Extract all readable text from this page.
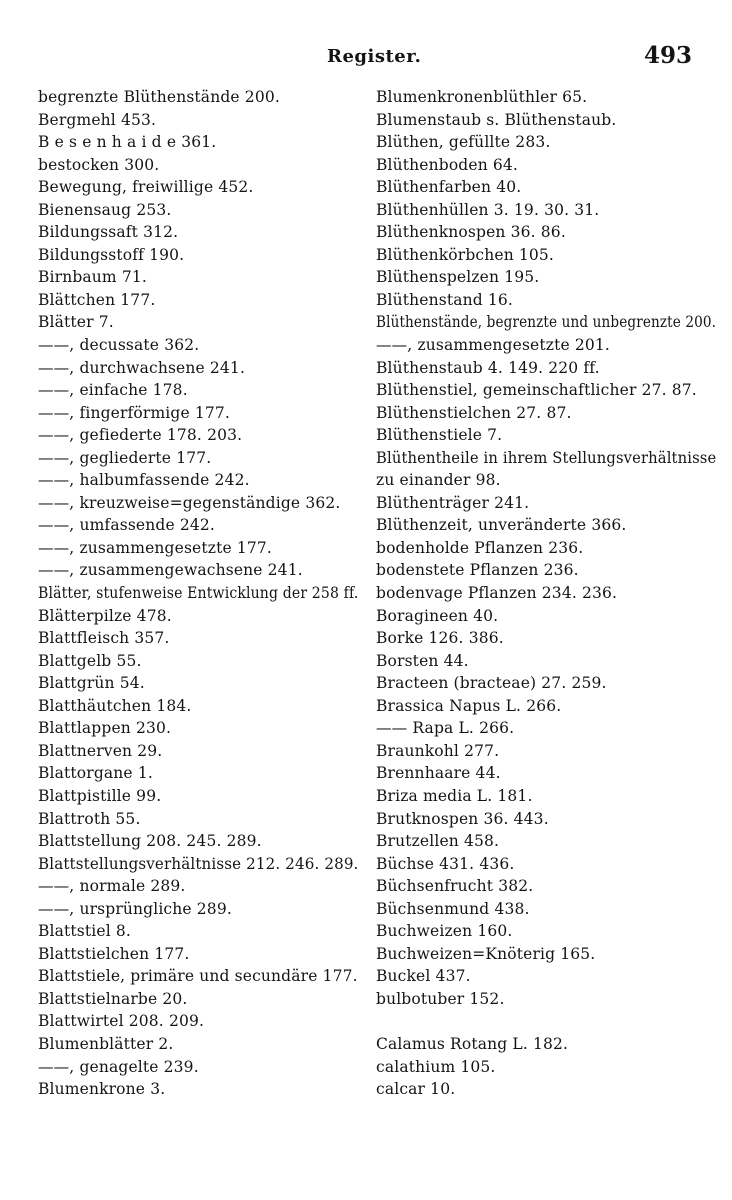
Register.	493
begrenzte Blüthenstände 200.
Bergmehl 453.
B e s e n h a i d e 361.
bestocken 300.
Bewegung, freiwillige 452.
Bienensaug 253.
Bildungssaft 312.
Bildungsstoff 190.
Birnbaum 71.
Blättchen 177.
Blätter 7.
——, decussate 362.
——, durchwachsene 241.
——, einfache 178.
——, fingerförmige 177.
——, gefiederte 178. 203.
——, gegliederte 177.
——, halbumfassende 242.
——, kreuzweise=gegenständige 362.
——, umfassende 242.
——, zusammengesetzte 177.
——, zusammengewachsene 241.
Blätter, stufenweise Entwicklung der 258 ff.
Blätterpilze 478.
Blattfleisch 357.
Blattgelb 55.
Blattgrün 54.
Blatthäutchen 184.
Blattlappen 230.
Blattnerven 29.
Blattorgane 1.
Blattpistille 99.
Blattroth 55.
Blattstellung 208. 245. 289.
Blattstellungsverhältnisse 212. 246. 289.
——, normale 289.
——, ursprüngliche 289.
Blattstiel 8.
Blattstielchen 177.
Blattstiele, primäre und secundäre 177.
Blattstielnarbe 20.
Blattwirtel 208. 209.
Blumenblätter 2.
——, genagelte 239.
Blumenkrone 3.
Blumenkronenblüthler 65.
Blumenstaub s. Blüthenstaub.
Blüthen, gefüllte 283.
Blüthenboden 64.
Blüthenfarben 40.
Blüthenhüllen 3. 19. 30. 31.
Blüthenknospen 36. 86.
Blüthenkörbchen 105.
Blüthenspelzen 195.
Blüthenstand 16.
Blüthenstände, begrenzte und unbegrenzte 200.
——, zusammengesetzte 201.
Blüthenstaub 4. 149. 220 ff.
Blüthenstiel, gemeinschaftlicher 27. 87.
Blüthenstielchen 27. 87.
Blüthenstiele 7.
Blüthentheile in ihrem Stellungsverhältnisse
zu einander 98.
Blüthenträger 241.
Blüthenzeit, unveränderte 366.
bodenholde Pflanzen 236.
bodenstete Pflanzen 236.
bodenvage Pflanzen 234. 236.
Boragineen 40.
Borke 126. 386.
Borsten 44.
Bracteen (bracteae) 27. 259.
Brassica Napus L. 266.
—— Rapa L. 266.
Braunkohl 277.
Brennhaare 44.
Briza media L. 181.
Brutknospen 36. 443.
Brutzellen 458.
Büchse 431. 436.
Büchsenfrucht 382.
Büchsenmund 438.
Buchweizen 160.
Buchweizen=Knöterig 165.
Buckel 437.
bulbotuber 152.
Calamus Rotang L. 182.
calathium 105.
calcar 10.
